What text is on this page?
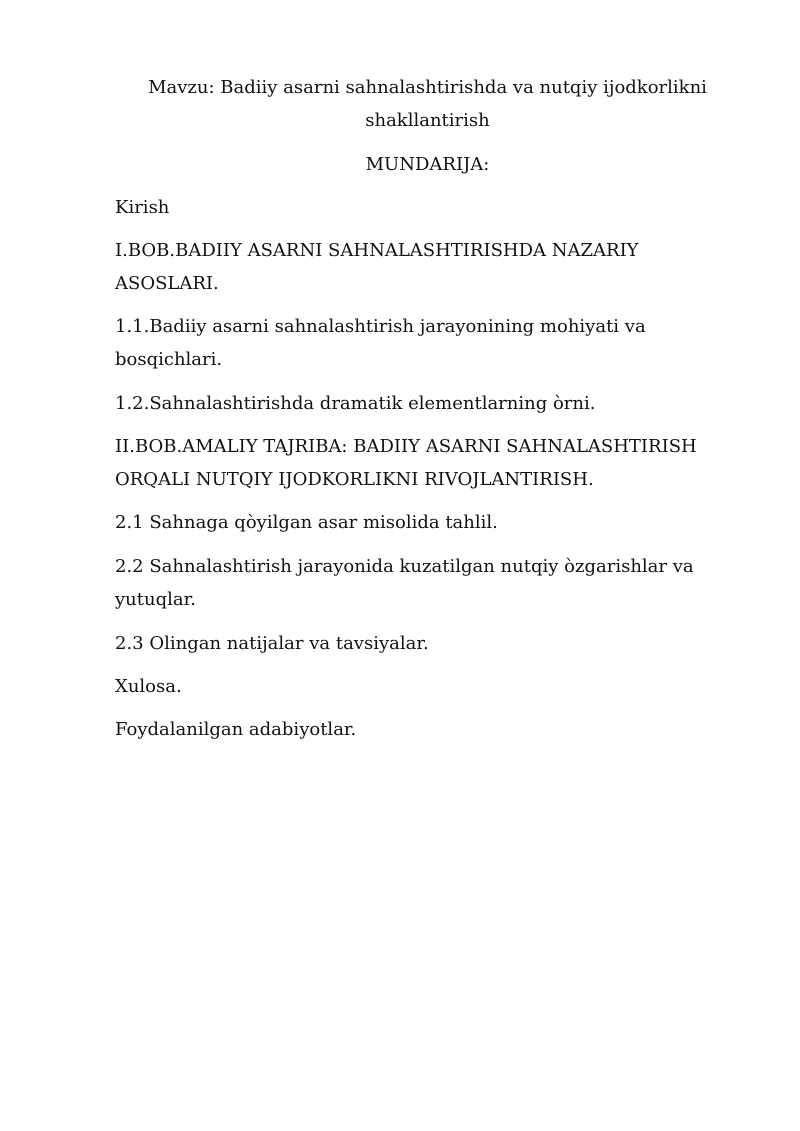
Mavzu: Badiiy asarni sahnalashtirishda va nutqiy ijodkorlikni shakllantirish
MUNDARIJA:

Kirish

I.BOB.BADIIY ASARNI SAHNALASHTIRISHDA NAZARIY ASOSLARI.

1.1.Badiiy asarni sahnalashtirish jarayonining mohiyati va bosqichlari.

1.2.Sahnalashtirishda dramatik elementlarning òrni.

II.BOB.AMALIY TAJRIBA: BADIIY ASARNI SAHNALASHTIRISH ORQALI NUTQIY IJODKORLIKNI RIVOJLANTIRISH.

2.1 Sahnaga qòyilgan asar misolida tahlil.

2.2 Sahnalashtirish jarayonida kuzatilgan nutqiy òzgarishlar va yutuqlar.

2.3 Olingan natijalar va tavsiyalar.

Xulosa.

Foydalanilgan adabiyotlar.
